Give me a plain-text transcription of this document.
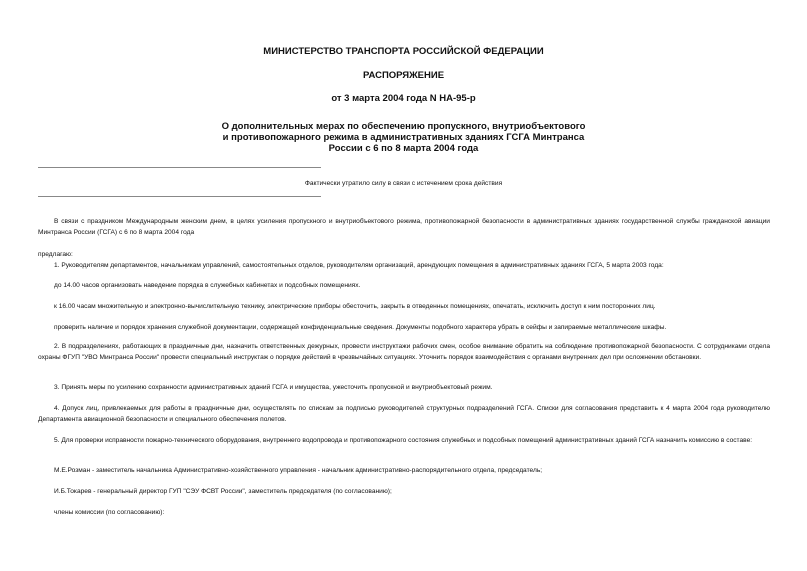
МИНИСТЕРСТВО ТРАНСПОРТА РОССИЙСКОЙ ФЕДЕРАЦИИ

РАСПОРЯЖЕНИЕ

от 3 марта 2004 года N НА-95-р

О дополнительных мерах по обеспечению пропускного, внутриобъектового

и противопожарного режима в административных зданиях ГСГА Минтранса

России с 6 по 8 марта 2004 года

Фактически утратило силу в связи с истечением срока действия

В связи с праздником Международным женским днем, в целях усиления пропускного и внутриобъектового режима, противопожарной безопасности в административных зданиях государственной службы гражданской авиации Минтранса России (ГСГА) с 6 по 8 марта 2004 года

предлагаю:

1. Руководителям департаментов, начальникам управлений, самостоятельных отделов, руководителям организаций, арендующих помещения в административных зданиях ГСГА, 5 марта 2003 года:

до 14.00 часов организовать наведение порядка в служебных кабинетах и подсобных помещениях.

к 16.00 часам множительную и электронно-вычислительную технику, электрические приборы обесточить, закрыть в отведенных помещениях, опечатать, исключить доступ к ним посторонних лиц.

проверить наличие и порядок хранения служебной документации, содержащей конфиденциальные сведения. Документы подобного характера убрать в сейфы и запираемые металлические шкафы.

2. В подразделениях, работающих в праздничные дни, назначить ответственных дежурных, провести инструктажи рабочих смен, особое внимание обратить на соблюдение противопожарной безопасности. С сотрудниками отдела охраны ФГУП "УВО Минтранса России" провести специальный инструктаж о порядке действий в чрезвычайных ситуациях. Уточнить порядок взаимодействия с органами внутренних дел при осложнении обстановки.

3. Принять меры по усилению сохранности административных зданий ГСГА и имущества, ужесточить пропускной и внутриобъектовый режим.

4. Допуск лиц, привлекаемых для работы в праздничные дни, осуществлять по спискам за подписью руководителей структурных подразделений ГСГА. Списки для согласования представить к 4 марта 2004 года руководителю Департамента авиационной безопасности и специального обеспечения полетов.

5. Для проверки исправности пожарно-технического оборудования, внутреннего водопровода и противопожарного состояния служебных и подсобных помещений административных зданий ГСГА назначить комиссию в составе:

М.Е.Розман - заместитель начальника Административно-хозяйственного управления - начальник административно-распорядительного отдела, председатель;

И.Б.Токарев - генеральный директор ГУП "СЭУ ФСВТ России", заместитель председателя (по согласованию);

члены комиссии (по согласованию):
